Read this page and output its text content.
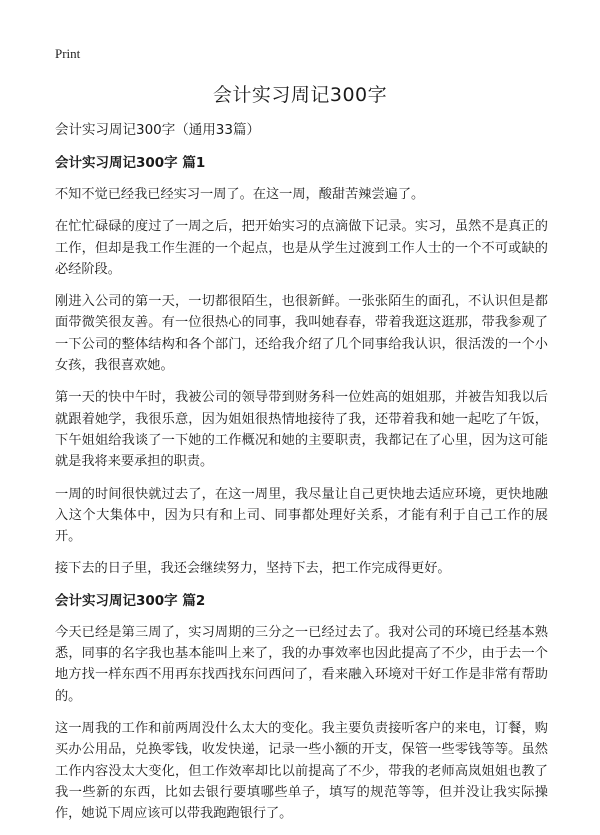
Print
会计实习周记300字
会计实习周记300字（通用33篇）
会计实习周记300字 篇1

不知不觉已经我已经实习一周了。在这一周，酸甜苦辣尝遍了。

在忙忙碌碌的度过了一周之后，把开始实习的点滴做下记录。实习，虽然不是真正的工作，但却是我工作生涯的一个起点，也是从学生过渡到工作人士的一个不可或缺的必经阶段。

刚进入公司的第一天，一切都很陌生，也很新鲜。一张张陌生的面孔，不认识但是都面带微笑很友善。有一位很热心的同事，我叫她春春，带着我逛这逛那，带我参观了一下公司的整体结构和各个部门，还给我介绍了几个同事给我认识，很活泼的一个小女孩，我很喜欢她。

第一天的快中午时，我被公司的领导带到财务科一位姓高的姐姐那，并被告知我以后就跟着她学，我很乐意，因为姐姐很热情地接待了我，还带着我和她一起吃了午饭，下午姐姐给我谈了一下她的工作概况和她的主要职责，我都记在了心里，因为这可能就是我将来要承担的职责。

一周的时间很快就过去了，在这一周里，我尽量让自己更快地去适应环境，更快地融入这个大集体中，因为只有和上司、同事都处理好关系，才能有利于自己工作的展开。

接下去的日子里，我还会继续努力，坚持下去，把工作完成得更好。

会计实习周记300字 篇2

今天已经是第三周了，实习周期的三分之一已经过去了。我对公司的环境已经基本熟悉，同事的名字我也基本能叫上来了，我的办事效率也因此提高了不少，由于去一个地方找一样东西不用再东找西找东问西问了，看来融入环境对干好工作是非常有帮助的。

这一周我的工作和前两周没什么太大的变化。我主要负责接听客户的来电，订餐，购买办公用品，兑换零钱，收发快递，记录一些小额的开支，保管一些零钱等等。虽然工作内容没太大变化，但工作效率却比以前提高了不少，带我的老师高岚姐姐也教了我一些新的东西，比如去银行要填哪些单子，填写的规范等等，但并没让我实际操作，她说下周应该可以带我跑跑银行了。
